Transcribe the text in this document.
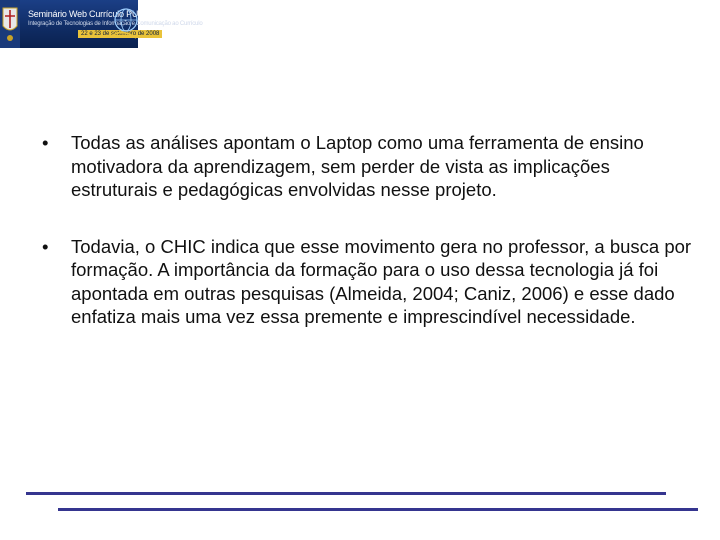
Seminário Web Currículo PUC-SP
Integração de Tecnologias de Informação e Comunicação ao Currículo
22 e 23 de setembro de 2008
• Todas as análises apontam o Laptop como uma ferramenta de ensino motivadora da aprendizagem, sem perder de vista as implicações estruturais e pedagógicas envolvidas nesse projeto.
• Todavia, o CHIC indica que esse movimento gera no professor, a busca por formação. A importância da formação para o uso dessa tecnologia já foi apontada em outras pesquisas (Almeida, 2004; Caniz, 2006) e esse dado enfatiza mais uma vez essa premente e imprescindível necessidade.
